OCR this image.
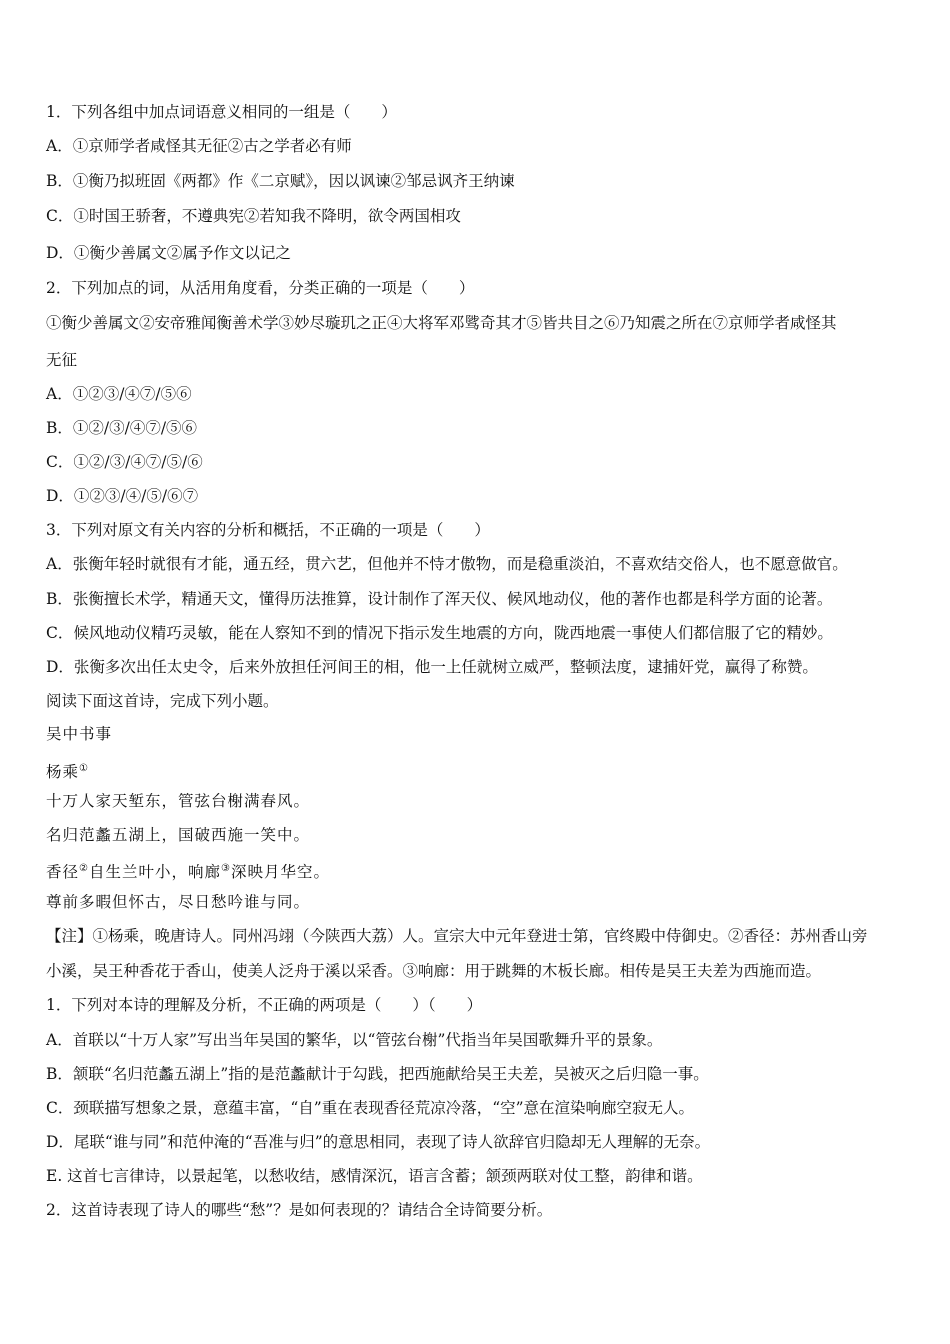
1．下列各组中加点词语意义相同的一组是（　　）
A．①京师学者咸怪其无征②古之学者必有师
B．①衡乃拟班固《两都》作《二京赋》，因以讽谏②邹忌讽齐王纳谏
C．①时国王骄奢，不遵典宪②若知我不降明，欲令两国相攻
D．①衡少善属文②属予作文以记之
2．下列加点的词，从活用角度看，分类正确的一项是（　　）
①衡少善属文②安帝雅闻衡善术学③妙尽璇玑之正④大将军邓骘奇其才⑤皆共目之⑥乃知震之所在⑦京师学者咸怪其
无征
A．①②③/④⑦/⑤⑥
B．①②/③/④⑦/⑤⑥
C．①②/③/④⑦/⑤/⑥
D．①②③/④/⑤/⑥⑦
3．下列对原文有关内容的分析和概括，不正确的一项是（　　）
A．张衡年轻时就很有才能，通五经，贯六艺，但他并不恃才傲物，而是稳重淡泊，不喜欢结交俗人，也不愿意做官。
B．张衡擅长术学，精通天文，懂得历法推算，设计制作了浑天仪、候风地动仪，他的著作也都是科学方面的论著。
C．候风地动仪精巧灵敏，能在人察知不到的情况下指示发生地震的方向，陇西地震一事使人们都信服了它的精妙。
D．张衡多次出任太史令，后来外放担任河间王的相，他一上任就树立威严，整顿法度，逮捕奸党，赢得了称赞。
阅读下面这首诗，完成下列小题。
吴中书事
杨乘①
十万人家天堑东，管弦台榭满春风。
名归范蠡五湖上，国破西施一笑中。
香径②自生兰叶小，响廊③深映月华空。
尊前多暇但怀古，尽日愁吟谁与同。
【注】①杨乘，晚唐诗人。同州冯翊（今陕西大荔）人。宣宗大中元年登进士第，官终殿中侍御史。②香径：苏州香山旁
小溪，吴王种香花于香山，使美人泛舟于溪以采香。③响廊：用于跳舞的木板长廊。相传是吴王夫差为西施而造。
1．下列对本诗的理解及分析，不正确的两项是（　　）（　　）
A．首联以“十万人家”写出当年吴国的繁华，以“管弦台榭”代指当年吴国歌舞升平的景象。
B．颔联“名归范蠡五湖上”指的是范蠡献计于勾践，把西施献给吴王夫差，吴被灭之后归隐一事。
C．颈联描写想象之景，意蕴丰富，“自”重在表现香径荒凉冷落，“空”意在渲染响廊空寂无人。
D．尾联“谁与同”和范仲淹的“吾准与归”的意思相同，表现了诗人欲辞官归隐却无人理解的无奈。
E. 这首七言律诗，以景起笔，以愁收结，感情深沉，语言含蓄；颔颈两联对仗工整，韵律和谐。
2．这首诗表现了诗人的哪些“愁”？是如何表现的？请结合全诗简要分析。
